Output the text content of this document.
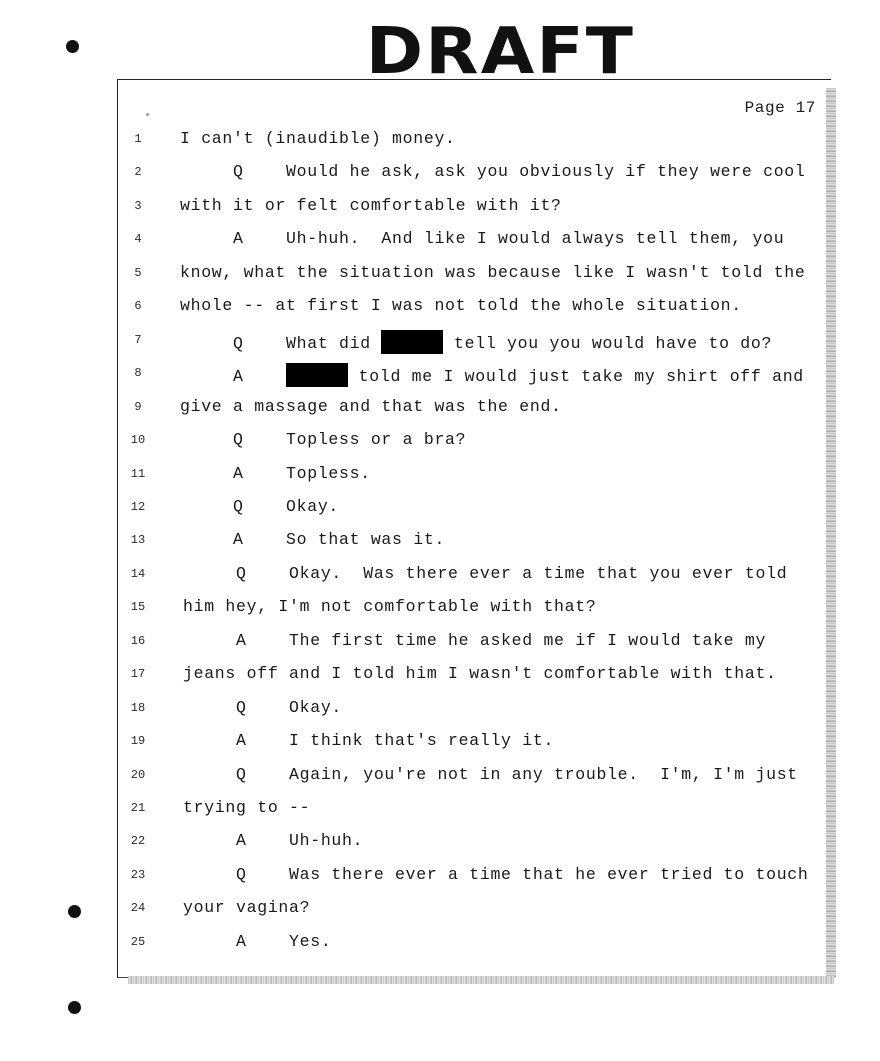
DRAFT
Page 17
1	I can't (inaudible) money.
2	Q    Would he ask, ask you obviously if they were cool
3	with it or felt comfortable with it?
4	A    Uh-huh.  And like I would always tell them, you
5	know, what the situation was because like I wasn't told the
6	whole -- at first I was not told the whole situation.
7	Q    What did	tell you you would have to do?
8	A	told me I would just take my shirt off and
9	give a massage and that was the end.
10 Q    Topless or a bra?
11 A    Topless.
12 Q    Okay.
13 A    So that was it.
14 Q    Okay.  Was there ever a time that you ever told
15 him hey, I'm not comfortable with that?
16 A    The first time he asked me if I would take my
17 jeans off and I told him I wasn't comfortable with that.
18 Q    Okay.
19 A    I think that's really it.
20 Q    Again, you're not in any trouble.  I'm, I'm just
21 trying to --
22 A    Uh-huh.
23 Q    Was there ever a time that he ever tried to touch
24 your vagina?
25 A    Yes.
